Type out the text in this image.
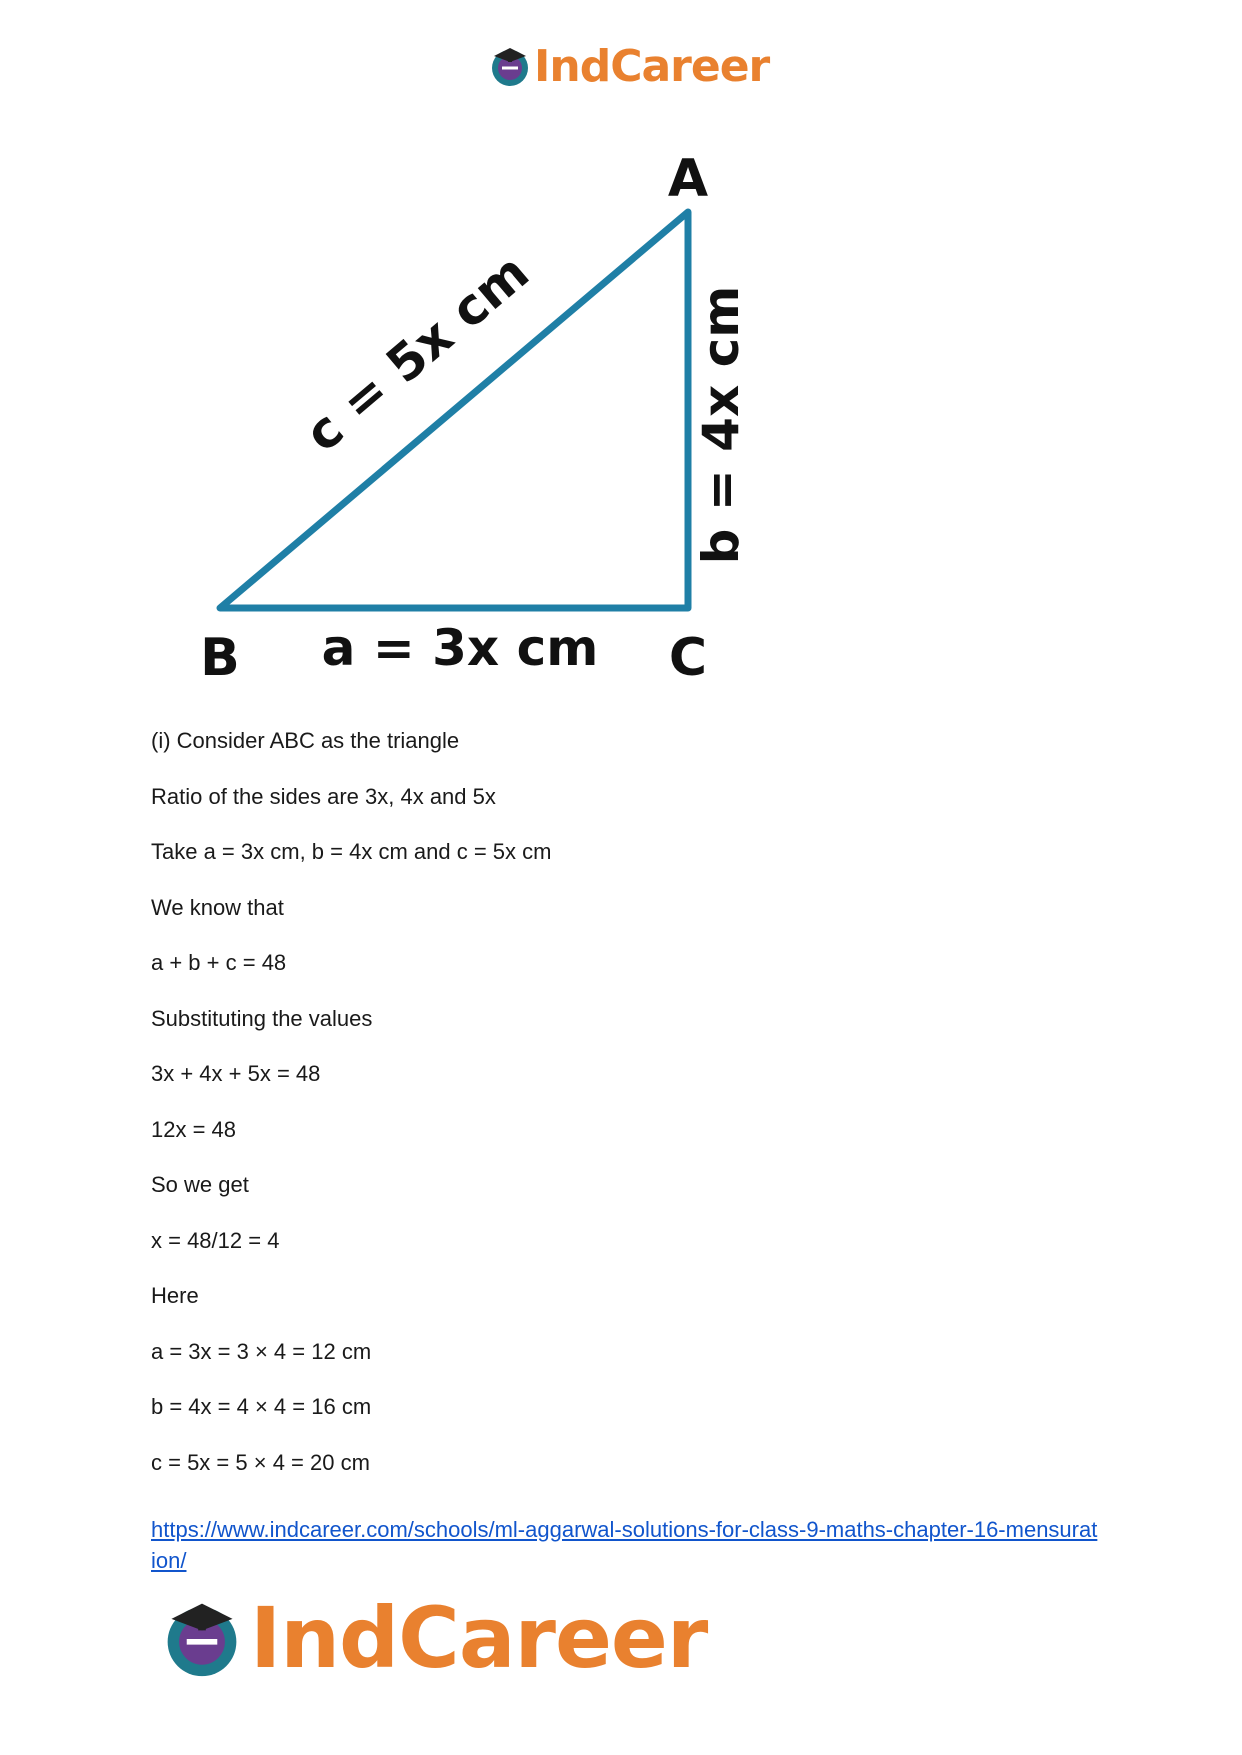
IndCareer
A
B	C
a = 3x cm
b = 4x cm
c = 5x cm
(i) Consider ABC as the triangle
Ratio of the sides are 3x, 4x and 5x
Take a = 3x cm, b = 4x cm and c = 5x cm
We know that
a + b + c = 48
Substituting the values
3x + 4x + 5x = 48
12x = 48
So we get
x = 48/12 = 4
Here
a = 3x = 3 × 4 = 12 cm
b = 4x = 4 × 4 = 16 cm
c = 5x = 5 × 4 = 20 cm
https://www.indcareer.com/schools/ml-aggarwal-solutions-for-class-9-maths-chapter-16-mensuration/
IndCareer
